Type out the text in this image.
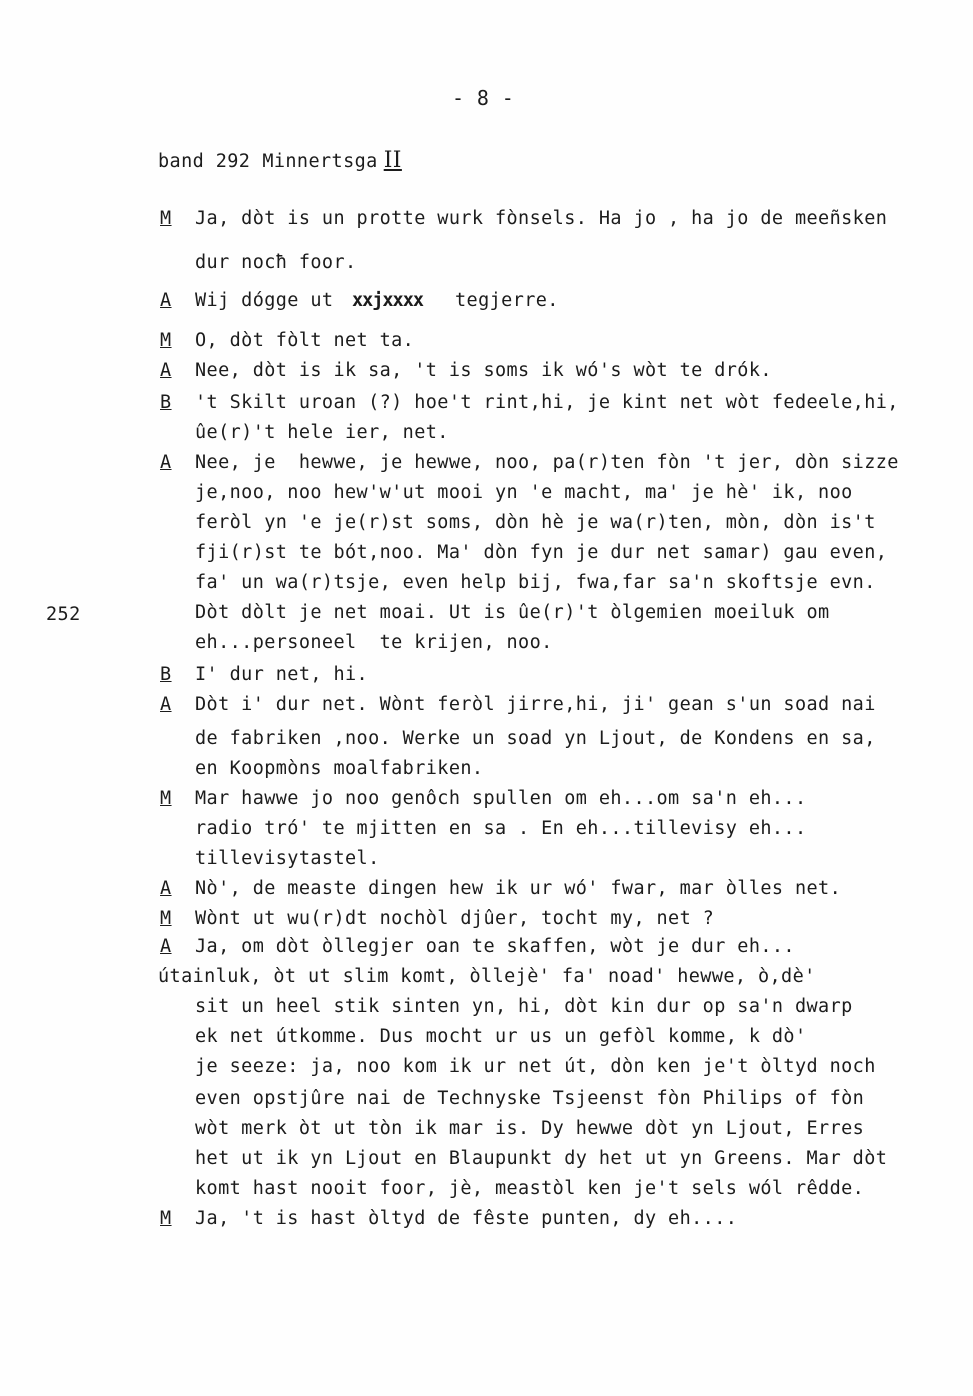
- 8 -
band 292 Minnertsga II
252
M Ja, dòt is un protte wurk fònsels. Ha jo , ha jo de meeñsken
dur nocħ foor.
A Wij dógge ut xxjxxxx tegjerre.
M O, dòt fòlt net ta.
A Nee, dòt is ik sa, 't is soms ik wó's wòt te drók.
B 't Skilt uroan (?) hoe't rint,hi, je kint net wòt fedeele,hi,
ûe(r)'t hele ier, net.
A Nee, je  hewwe, je hewwe, noo, pa(r)ten fòn 't jer, dòn sizze
je,noo, noo hew'w'ut mooi yn 'e macht, ma' je hè' ik, noo
feròl yn 'e je(r)st soms, dòn hè je wa(r)ten, mòn, dòn is't
fji(r)st te bót,noo. Ma' dòn fyn je dur net samar) gau even,
fa' un wa(r)tsje, even help bij, fwa,far sa'n skoftsje evn.
Dòt dòlt je net moai. Ut is ûe(r)'t òlgemien moeiluk om
eh...personeel  te krijen, noo.
B I' dur net, hi.
A Dòt i' dur net. Wònt feròl jirre,hi, ji' gean s'un soad nai
de fabriken ,noo. Werke un soad yn Ljout, de Kondens en sa,
en Koopmòns moalfabriken.
M Mar hawwe jo noo genôch spullen om eh...om sa'n eh...
radio tró' te mjitten en sa . En eh...tillevisy eh...
tillevisytastel.
A Nò', de measte dingen hew ik ur wó' fwar, mar òlles net.
M Wònt ut wu(r)dt nochòl djûer, tocht my, net ?
A Ja, om dòt òllegjer oan te skaffen, wòt je dur eh...
útainluk, òt ut slim komt, òllejè' fa' noad' hewwe, ò,dè'
sit un heel stik sinten yn, hi, dòt kin dur op sa'n dwarp
ek net útkomme. Dus mocht ur us un gefòl komme, k dò'
je seeze: ja, noo kom ik ur net út, dòn ken je't òltyd noch
even opstjûre nai de Technyske Tsjeenst fòn Philips of fòn
wòt merk òt ut tòn ik mar is. Dy hewwe dòt yn Ljout, Erres
het ut ik yn Ljout en Blaupunkt dy het ut yn Greens. Mar dòt
komt hast nooit foor, jè, meastòl ken je't sels wól rêdde.
M Ja, 't is hast òltyd de fêste punten, dy eh....
